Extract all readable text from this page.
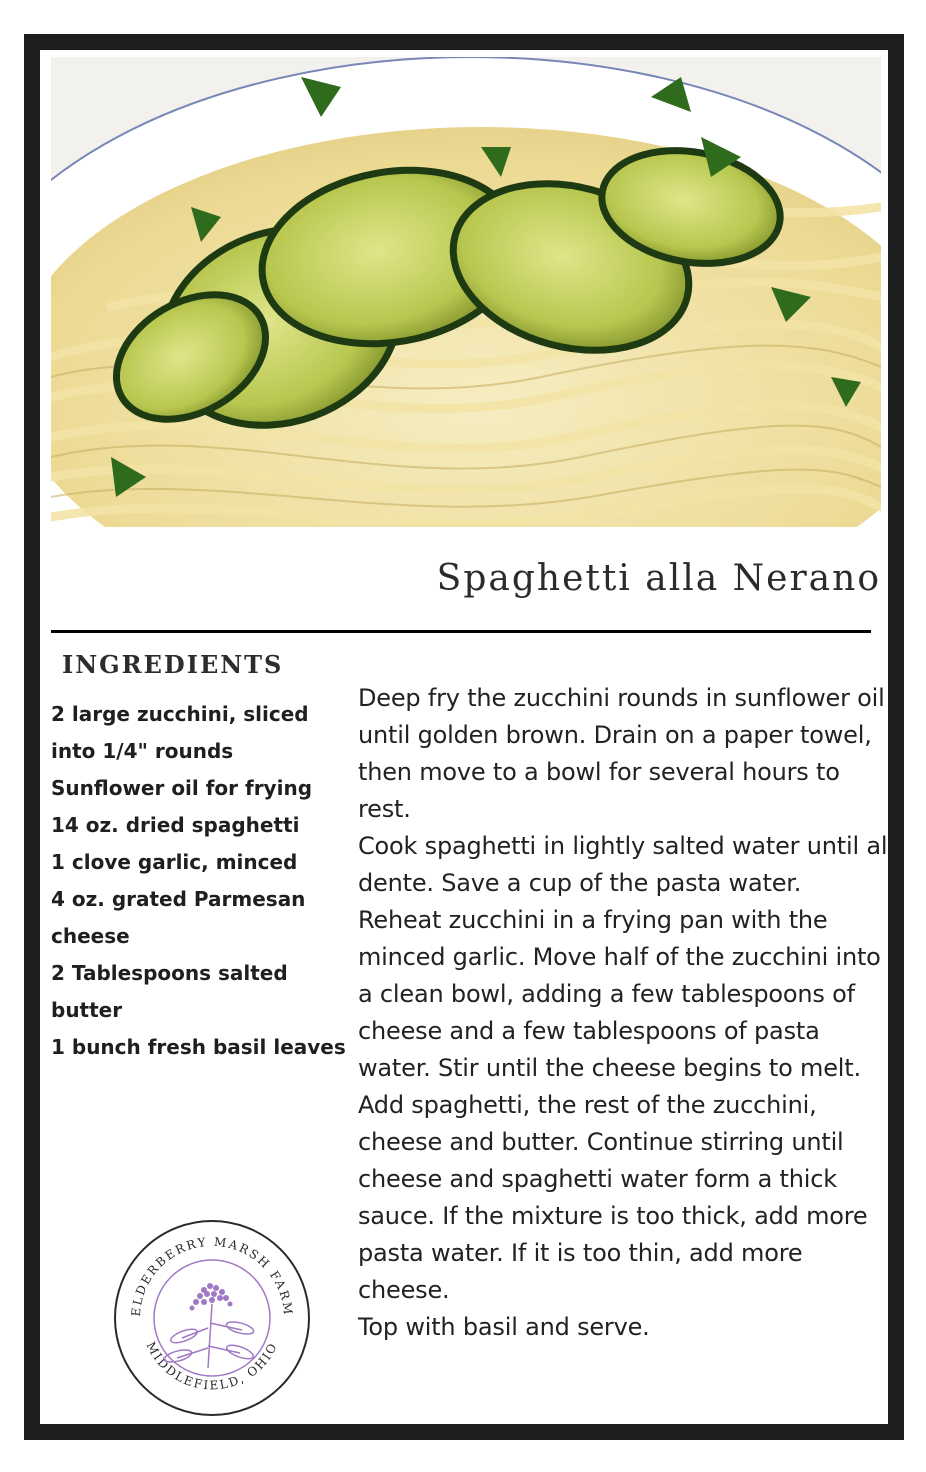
Spaghetti alla Nerano
INGREDIENTS
2 large zucchini, sliced into 1/4" rounds
Sunflower oil for frying
14 oz. dried spaghetti
1 clove garlic, minced
4 oz. grated Parmesan cheese
2 Tablespoons salted butter
1 bunch fresh basil leaves

Deep fry the zucchini rounds in sunflower oil until golden brown. Drain on a paper towel, then move to a bowl for several hours to rest.

Cook spaghetti in lightly salted water until al dente. Save a cup of the pasta water.

Reheat zucchini in a frying pan with the minced garlic. Move half of the zucchini into a clean bowl, adding a few tablespoons of cheese and a few tablespoons of pasta water. Stir until the cheese begins to melt.

Add spaghetti, the rest of the zucchini, cheese and butter. Continue stirring until cheese and spaghetti water form a thick sauce. If the mixture is too thick, add more pasta water. If it is too thin, add more cheese.

Top with basil and serve.

ELDERBERRY MARSH FARM
MIDDLEFIELD, OHIO
